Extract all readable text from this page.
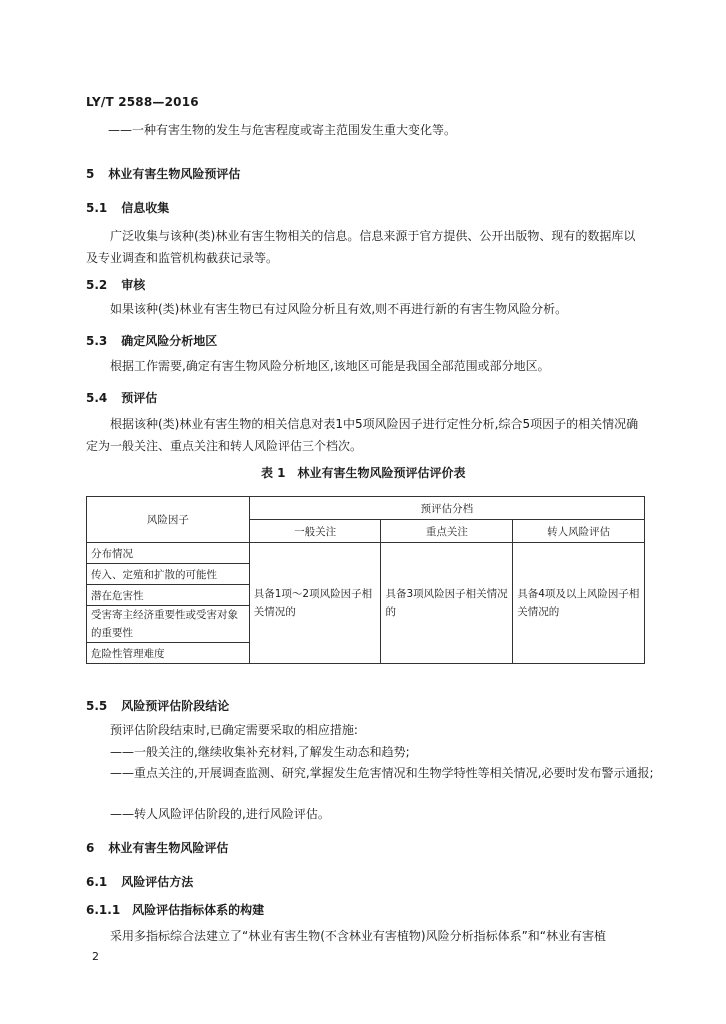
LY/T 2588—2016
——一种有害生物的发生与危害程度或寄主范围发生重大变化等。
5 林业有害生物风险预评估
5.1 信息收集
广泛收集与该种(类)林业有害生物相关的信息。信息来源于官方提供、公开出版物、现有的数据库以及专业调查和监管机构截获记录等。
5.2 审核
如果该种(类)林业有害生物已有过风险分析且有效,则不再进行新的有害生物风险分析。
5.3 确定风险分析地区
根据工作需要,确定有害生物风险分析地区,该地区可能是我国全部范围或部分地区。
5.4 预评估
根据该种(类)林业有害生物的相关信息对表1中5项风险因子进行定性分析,综合5项因子的相关情况确定为一般关注、重点关注和转人风险评估三个档次。
表 1　林业有害生物风险预评估评价表
风险因子	预评估分档		
	一般关注	重点关注	转人风险评估
分布情况	具备1项～2项风险因子相关情况的	具备3项风险因子相关情况的	具备4项及以上风险因子相关情况的
传入、定殖和扩散的可能性			
潜在危害性			
受害寄主经济重要性或受害对象的重要性			
危险性管理难度			
5.5 风险预评估阶段结论
预评估阶段结束时,已确定需要采取的相应措施:
——一般关注的,继续收集补充材料,了解发生动态和趋势;
——重点关注的,开展调查监测、研究,掌握发生危害情况和生物学特性等相关情况,必要时发布警示通报;
——转人风险评估阶段的,进行风险评估。
6 林业有害生物风险评估
6.1 风险评估方法
6.1.1 风险评估指标体系的构建
采用多指标综合法建立了“林业有害生物(不含林业有害植物)风险分析指标体系”和“林业有害植
2
